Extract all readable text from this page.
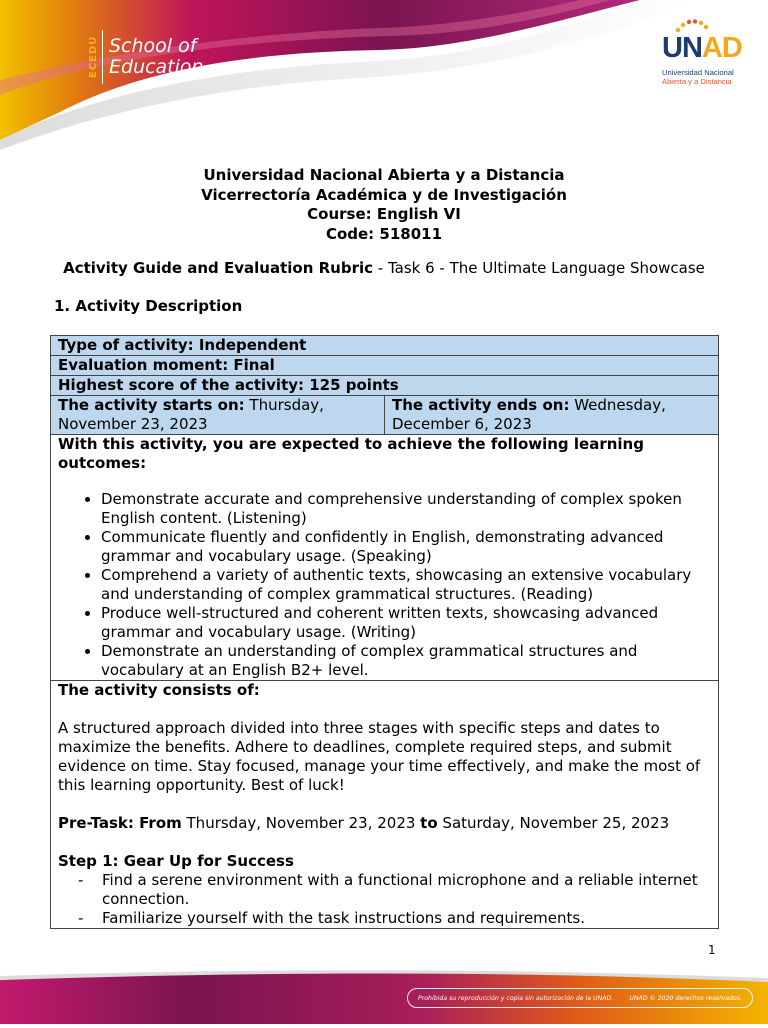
ECEDU School of
Education
UNAD
Universidad Nacional
Abierta y a Distancia
Universidad Nacional Abierta y a Distancia
Vicerrectoría Académica y de Investigación
Course: English VI
Code: 518011
Activity Guide and Evaluation Rubric - Task 6 - The Ultimate Language Showcase
1. Activity Description
Type of activity: Independent
Evaluation moment: Final
Highest score of the activity: 125 points
The activity starts on: Thursday, November 23, 2023	The activity ends on: Wednesday, December 6, 2023
With this activity, you are expected to achieve the following learning outcomes:
• Demonstrate accurate and comprehensive understanding of complex spoken English content. (Listening)
• Communicate fluently and confidently in English, demonstrating advanced grammar and vocabulary usage. (Speaking)
• Comprehend a variety of authentic texts, showcasing an extensive vocabulary and understanding of complex grammatical structures. (Reading)
• Produce well-structured and coherent written texts, showcasing advanced grammar and vocabulary usage. (Writing)
• Demonstrate an understanding of complex grammatical structures and vocabulary at an English B2+ level.

The activity consists of:
A structured approach divided into three stages with specific steps and dates to maximize the benefits. Adhere to deadlines, complete required steps, and submit evidence on time. Stay focused, manage your time effectively, and make the most of this learning opportunity. Best of luck!
Pre-Task: From Thursday, November 23, 2023 to Saturday, November 25, 2023
Step 1: Gear Up for Success
- Find a serene environment with a functional microphone and a reliable internet connection.
- Familiarize yourself with the task instructions and requirements.
1
Prohibida su reproducción y copia sin autorización de la UNAD.	UNAD © 2020 derechos reservados.
